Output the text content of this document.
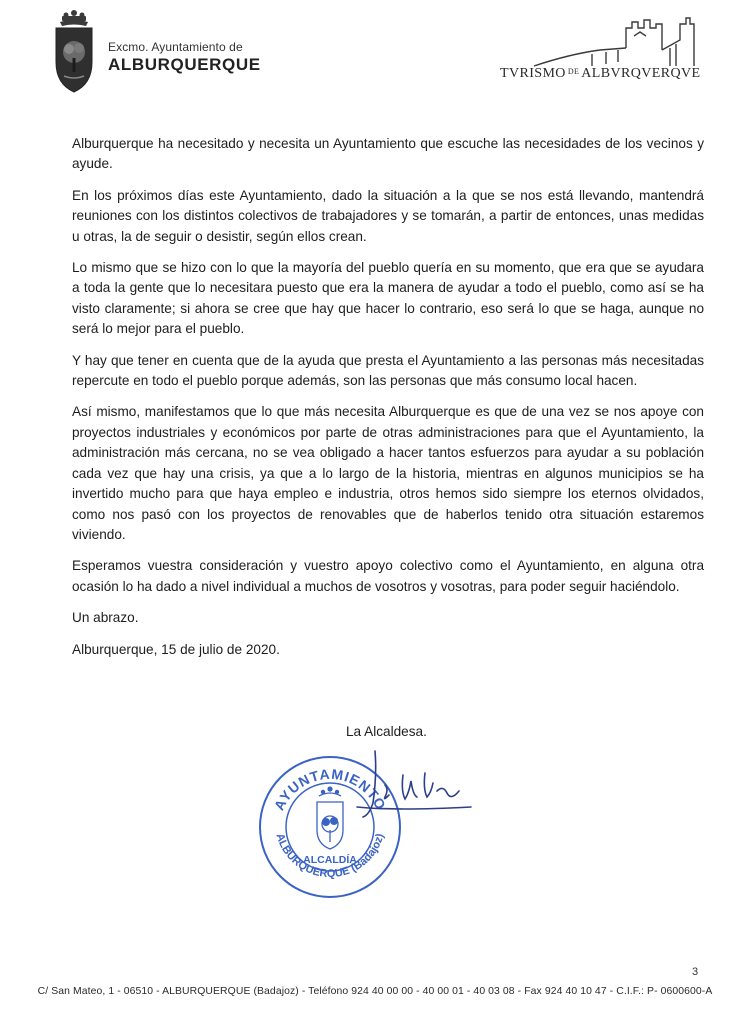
Excmo. Ayuntamiento de
ALBURQUERQUE	TVRISMO $^{DE}$ ALBVRQVERQVE

Alburquerque ha necesitado y necesita un Ayuntamiento que escuche las necesidades de los vecinos y ayude.

En los próximos días este Ayuntamiento, dado la situación a la que se nos está llevando, mantendrá reuniones con los distintos colectivos de trabajadores y se tomarán, a partir de entonces, unas medidas u otras, la de seguir o desistir, según ellos crean.

Lo mismo que se hizo con lo que la mayoría del pueblo quería en su momento, que era que se ayudara a toda la gente que lo necesitara puesto que era la manera de ayudar a todo el pueblo, como así se ha visto claramente; si ahora se cree que hay que hacer lo contrario, eso será lo que se haga, aunque no será lo mejor para el pueblo.

Y hay que tener en cuenta que de la ayuda que presta el Ayuntamiento a las personas más necesitadas repercute en todo el pueblo porque además, son las personas que más consumo local hacen.

Así mismo, manifestamos que lo que más necesita Alburquerque es que de una vez se nos apoye con proyectos industriales y económicos por parte de otras administraciones para que el Ayuntamiento, la administración más cercana, no se vea obligado a hacer tantos esfuerzos para ayudar a su población cada vez que hay una crisis, ya que a lo largo de la historia, mientras en algunos municipios se ha invertido mucho para que haya empleo e industria, otros hemos sido siempre los eternos olvidados, como nos pasó con los proyectos de renovables que de haberlos tenido otra situación estaremos viviendo.

Esperamos vuestra consideración y vuestro apoyo colectivo como el Ayuntamiento, en alguna otra ocasión lo ha dado a nivel individual a muchos de vosotros y vosotras, para poder seguir haciéndolo.

Un abrazo.

Alburquerque, 15 de julio de 2020.

La Alcaldesa.
AYUNTAMIENTO
ALBURQUERQUE (Badajoz)
ALCALDÍA
3
C/ San Mateo, 1 - 06510 - ALBURQUERQUE (Badajoz) - Teléfono 924 40 00 00 - 40 00 01 - 40 03 08 - Fax 924 40 10 47 - C.I.F.: P- 0600600-A
